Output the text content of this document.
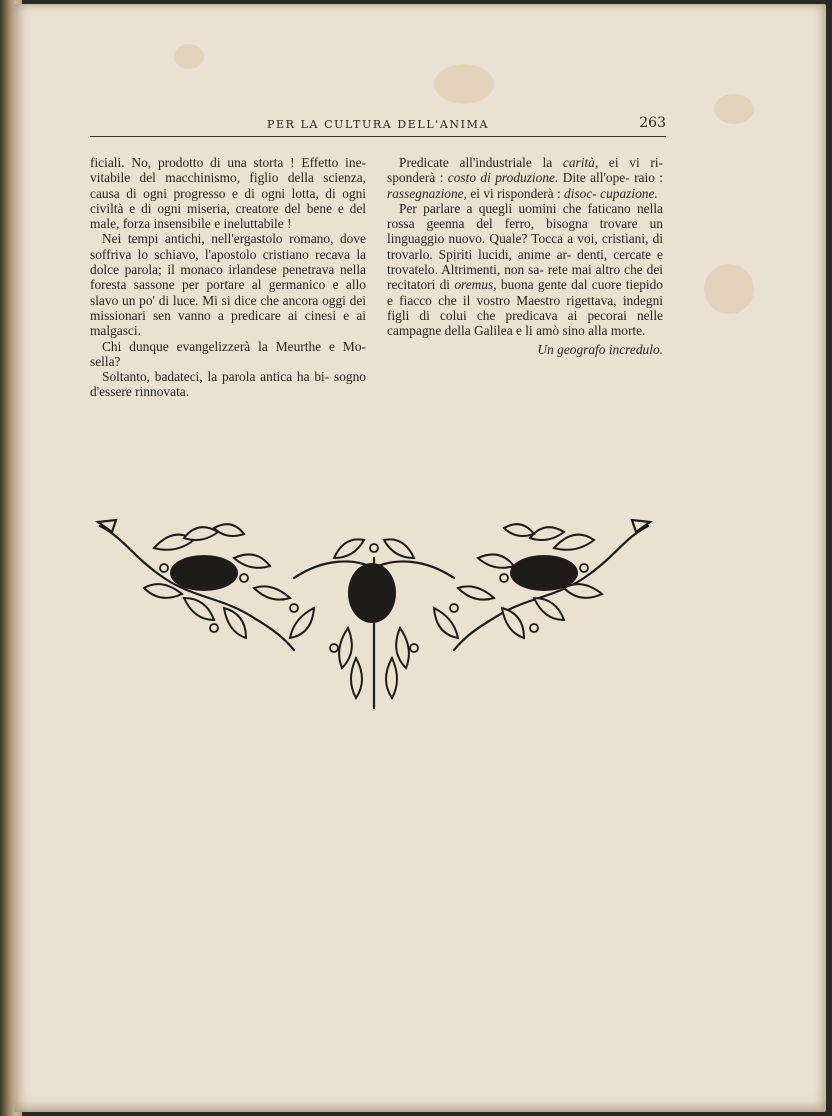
PER LA CULTURA DELL'ANIMA	263

ficiali. No, prodotto di una storta ! Effetto ine- vitabile del macchinismo, figlio della scienza, causa di ogni progresso e di ogni lotta, di ogni civiltà e di ogni miseria, creatore del bene e del male, forza insensibile e ineluttabile !

Nei tempi antichi, nell'ergastolo romano, dove soffriva lo schiavo, l'apostolo cristiano recava la dolce parola; il monaco irlandese penetrava nella foresta sassone per portare al germanico e allo slavo un po' di luce. Mi si dice che ancora oggi dei missionari sen vanno a predicare ai cinesi e ai malgasci.

Chi dunque evangelizzerà la Meurthe e Mo- sella?

Soltanto, badateci, la parola antica ha bi- sogno d'essere rinnovata.

Predicate all'industriale la carità, ei vi ri- sponderà : costo di produzione. Dite all'ope- raio : rassegnazione, ei vi risponderà : disoc- cupazione.

Per parlare a quegli uomini che faticano nella rossa geenna del ferro, bisogna trovare un linguaggio nuovo. Quale? Tocca a voi, cristiani, di trovarlo. Spiriti lucidi, anime ar- denti, cercate e trovatelo. Altrimenti, non sa- rete mai altro che dei recitatori di oremus, buona gente dal cuore tiepido e fiacco che il vostro Maestro rigettava, indegni figli di colui che predicava ai pecorai nelle campagne della Galilea e li amò sino alla morte.

Un geografo incredulo.
